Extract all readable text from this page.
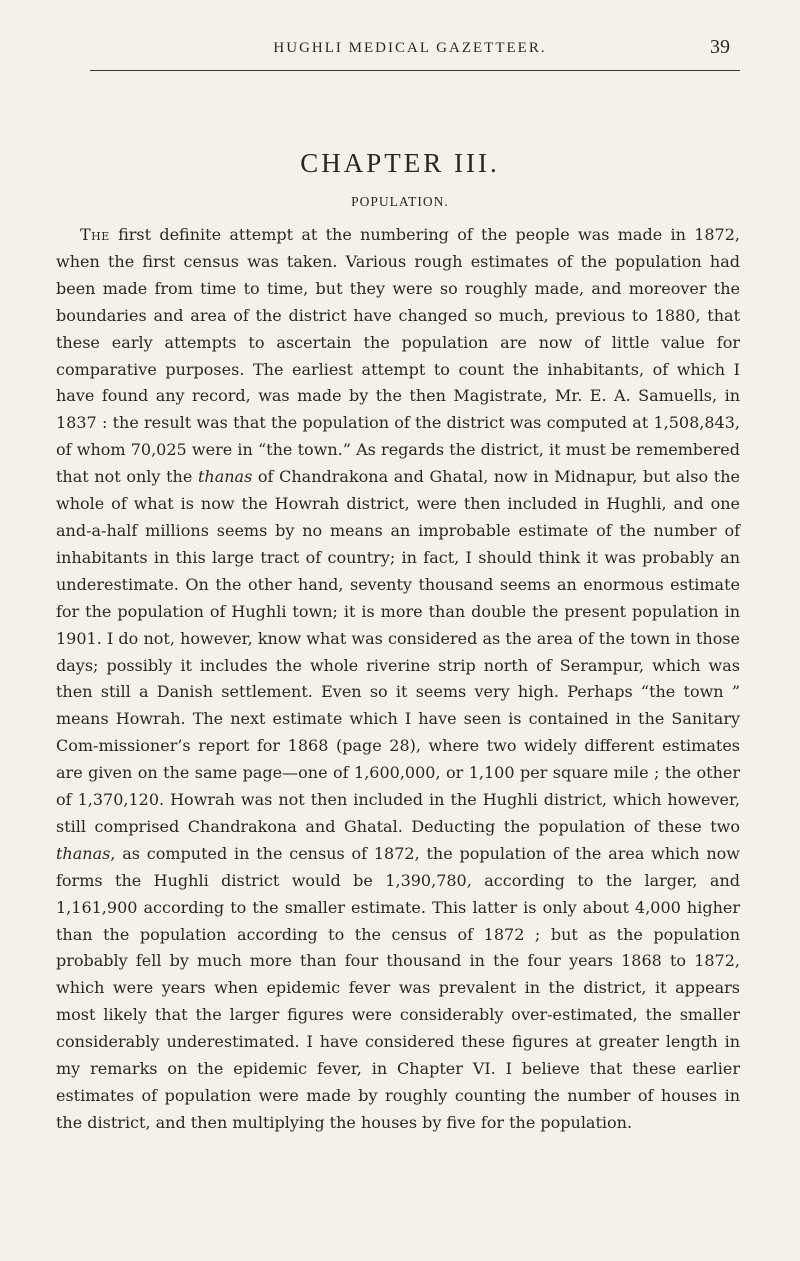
HUGHLI MEDICAL GAZETTEER.	39
CHAPTER III.
POPULATION.

The first definite attempt at the numbering of the people was made in 1872, when the first census was taken. Various rough estimates of the population had been made from time to time, but they were so roughly made, and moreover the boundaries and area of the district have changed so much, previous to 1880, that these early attempts to ascertain the population are now of little value for comparative purposes. The earliest attempt to count the inhabitants, of which I have found any record, was made by the then Magistrate, Mr. E. A. Samuells, in 1837 : the result was that the population of the district was computed at 1,508,843, of whom 70,025 were in “the town.” As regards the district, it must be remembered that not only the thanas of Chandrakona and Ghatal, now in Midnapur, but also the whole of what is now the Howrah district, were then included in Hughli, and one and-a-half millions seems by no means an improbable estimate of the number of inhabitants in this large tract of country; in fact, I should think it was probably an underestimate. On the other hand, seventy thousand seems an enormous estimate for the population of Hughli town; it is more than double the present population in 1901. I do not, however, know what was considered as the area of the town in those days; possibly it includes the whole riverine strip north of Serampur, which was then still a Danish settlement. Even so it seems very high. Perhaps “the town ” means Howrah. The next estimate which I have seen is contained in the Sanitary Com-missioner’s report for 1868 (page 28), where two widely different estimates are given on the same page—one of 1,600,000, or 1,100 per square mile ; the other of 1,370,120. Howrah was not then included in the Hughli district, which however, still comprised Chandrakona and Ghatal. Deducting the population of these two thanas, as computed in the census of 1872, the population of the area which now forms the Hughli district would be 1,390,780, according to the larger, and 1,161,900 according to the smaller estimate. This latter is only about 4,000 higher than the population according to the census of 1872 ; but as the population probably fell by much more than four thousand in the four years 1868 to 1872, which were years when epidemic fever was prevalent in the district, it appears most likely that the larger figures were considerably over-estimated, the smaller considerably underestimated. I have considered these figures at greater length in my remarks on the epidemic fever, in Chapter VI. I believe that these earlier estimates of population were made by roughly counting the number of houses in the district, and then multiplying the houses by five for the population.
